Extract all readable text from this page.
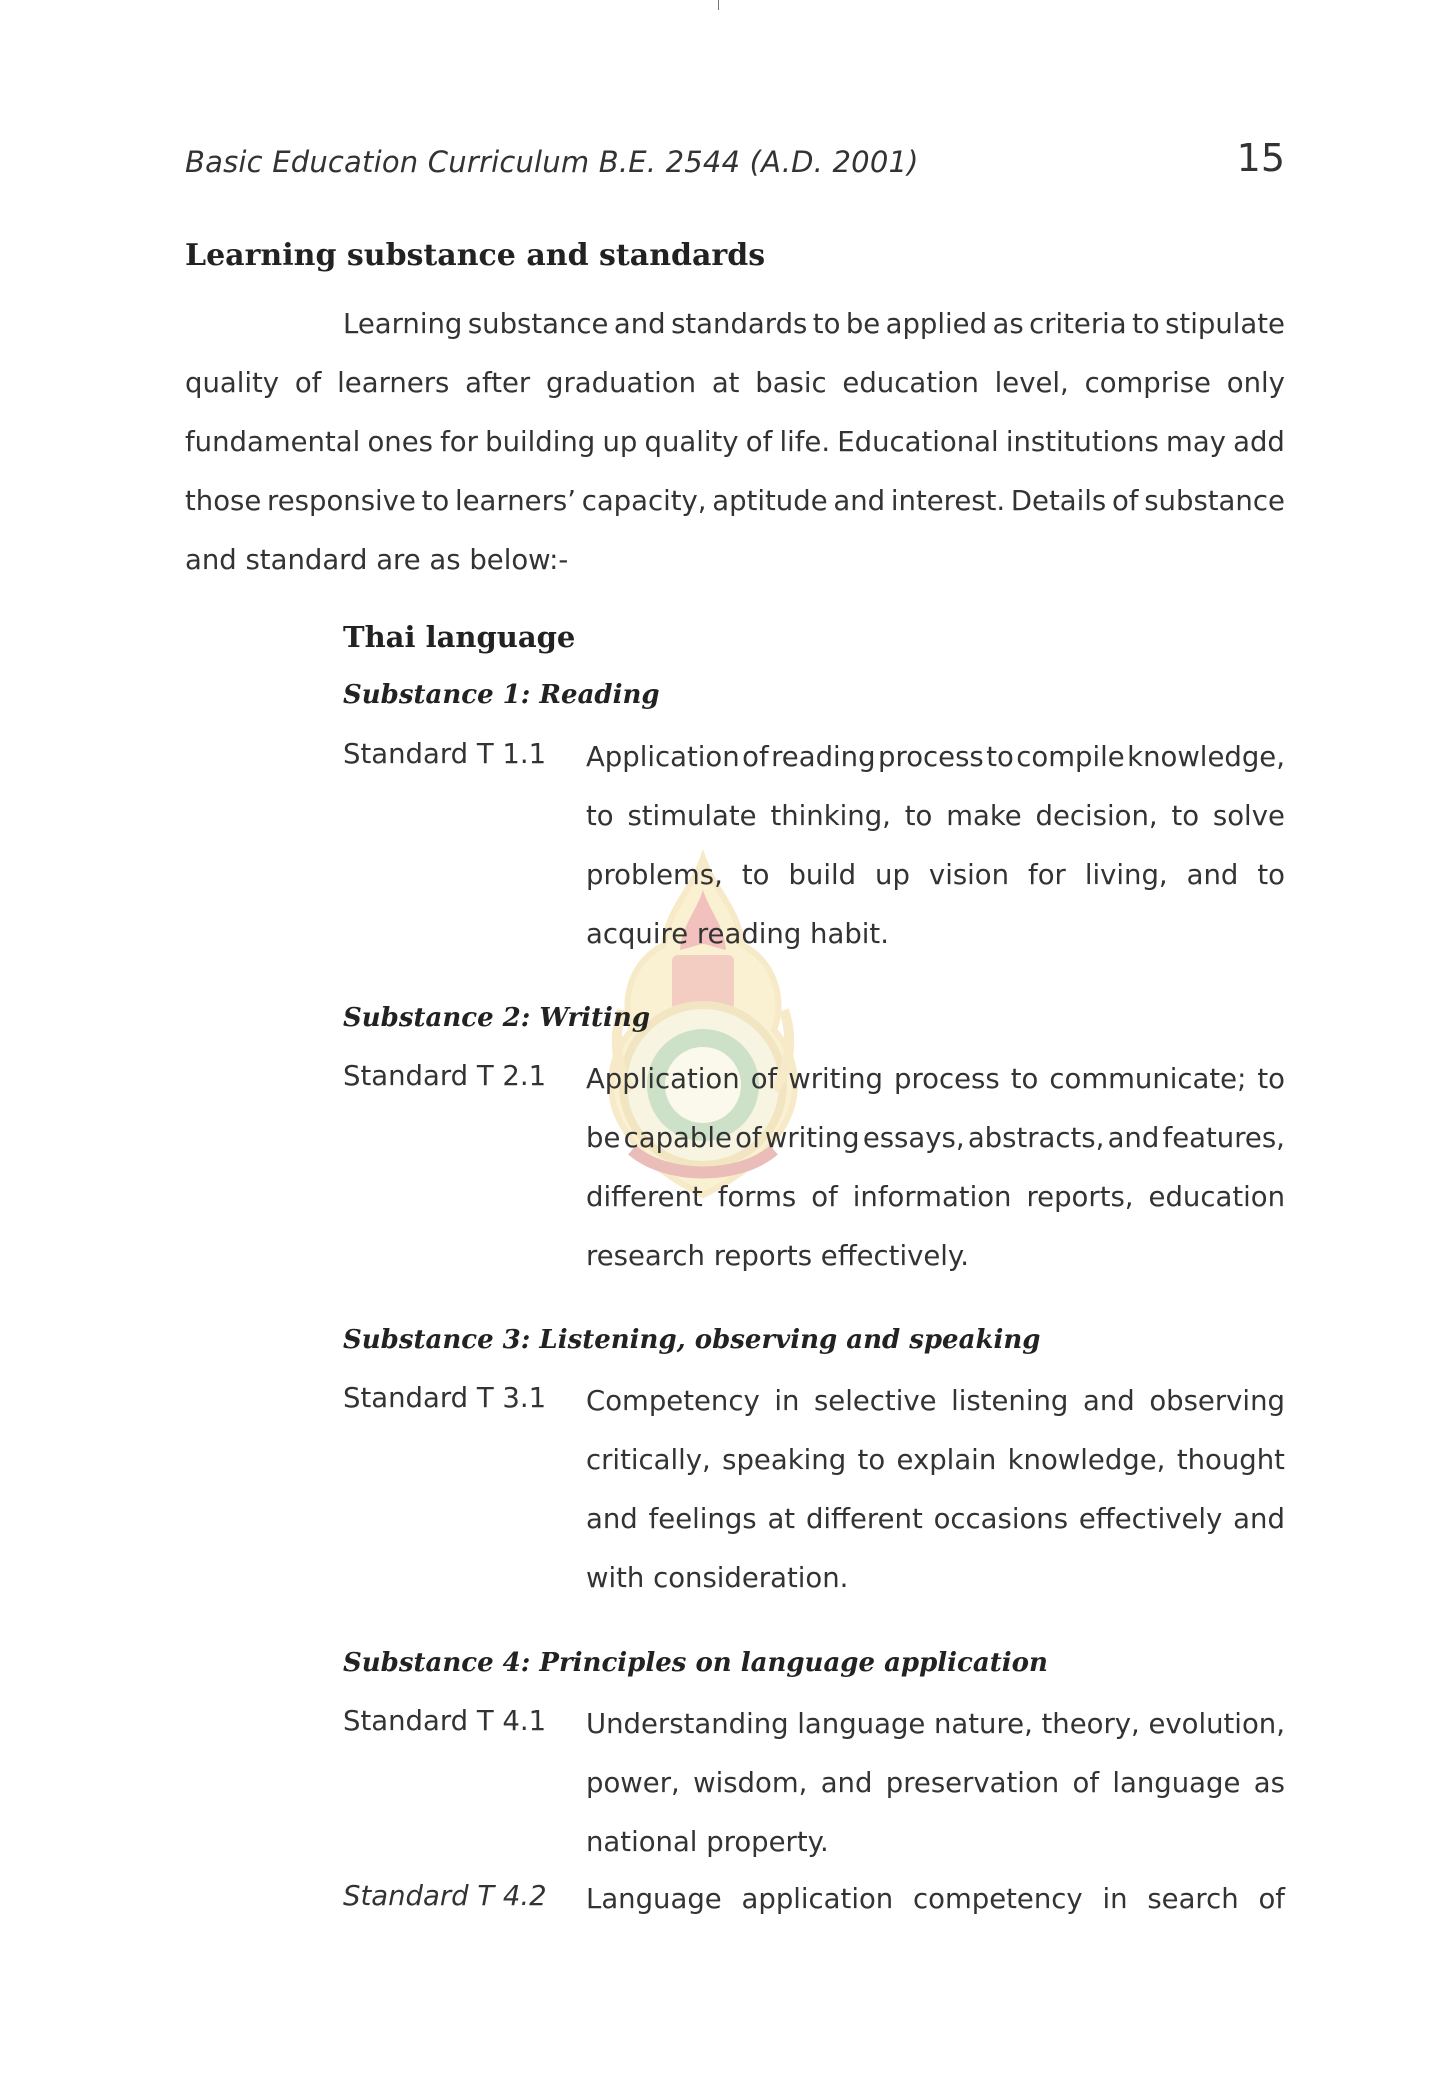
Basic Education Curriculum B.E. 2544 (A.D. 2001)	15
Learning substance and standards
Learning substance and standards to be applied as criteria to stipulate
quality of learners after graduation at basic education level, comprise only
fundamental ones for building up quality of life. Educational institutions may add
those responsive to learners’ capacity, aptitude and interest. Details of substance
and standard are as below:-
Thai language
Substance 1: Reading
Standard T 1.1 Application of reading process to compile knowledge,
to stimulate thinking, to make decision, to solve
problems, to build up vision for living, and to
acquire reading habit.
Substance 2: Writing
Standard T 2.1 Application of writing process to communicate; to
be capable of writing essays, abstracts, and features,
different forms of information reports, education
research reports effectively.
Substance 3: Listening, observing and speaking
Standard T 3.1 Competency in selective listening and observing
critically, speaking to explain knowledge, thought
and feelings at different occasions effectively and
with consideration.
Substance 4: Principles on language application
Standard T 4.1 Understanding language nature, theory, evolution,
power, wisdom, and preservation of language as
national property.
Standard T 4.2 Language application competency in search of
